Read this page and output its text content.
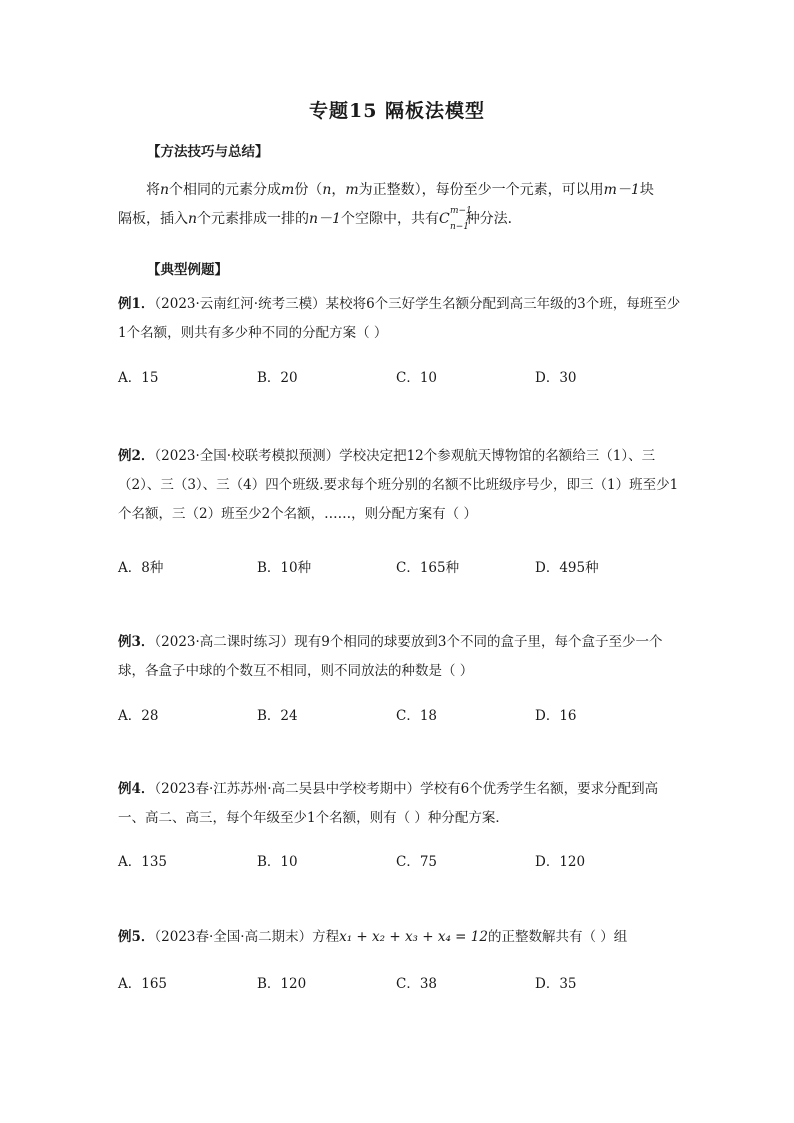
专题15 隔板法模型
【方法技巧与总结】
将n个相同的元素分成m份（n，m为正整数），每份至少一个元素，可以用m－1块
隔板，插入n个元素排成一排的n－1个空隙中，共有C m−1
n−1
种分法．
【典型例题】
例1．（2023·云南红河·统考三模）某校将6个三好学生名额分配到高三年级的3个班，每班至少1个名额，则共有多少种不同的分配方案（ ）
A．15	B．20	C．10	D．30
例2．（2023·全国·校联考模拟预测）学校决定把12个参观航天博物馆的名额给三（1）、三（2）、三（3）、三（4）四个班级.要求每个班分别的名额不比班级序号少，即三（1）班至少1个名额，三（2）班至少2个名额，……，则分配方案有（ ）
A．8种	B．10种	C．165种	D．495种
例3．（2023·高二课时练习）现有9个相同的球要放到3个不同的盒子里，每个盒子至少一个球，各盒子中球的个数互不相同，则不同放法的种数是（ ）
A．28	B．24	C．18	D．16
例4．（2023春·江苏苏州·高二吴县中学校考期中）学校有6个优秀学生名额，要求分配到高一、高二、高三，每个年级至少1个名额，则有（ ）种分配方案．
A．135	B．10	C．75	D．120
例5．（2023春·全国·高二期末）方程x₁ + x₂ + x₃ + x₄ = 12的正整数解共有（ ）组
A．165	B．120	C．38	D．35
